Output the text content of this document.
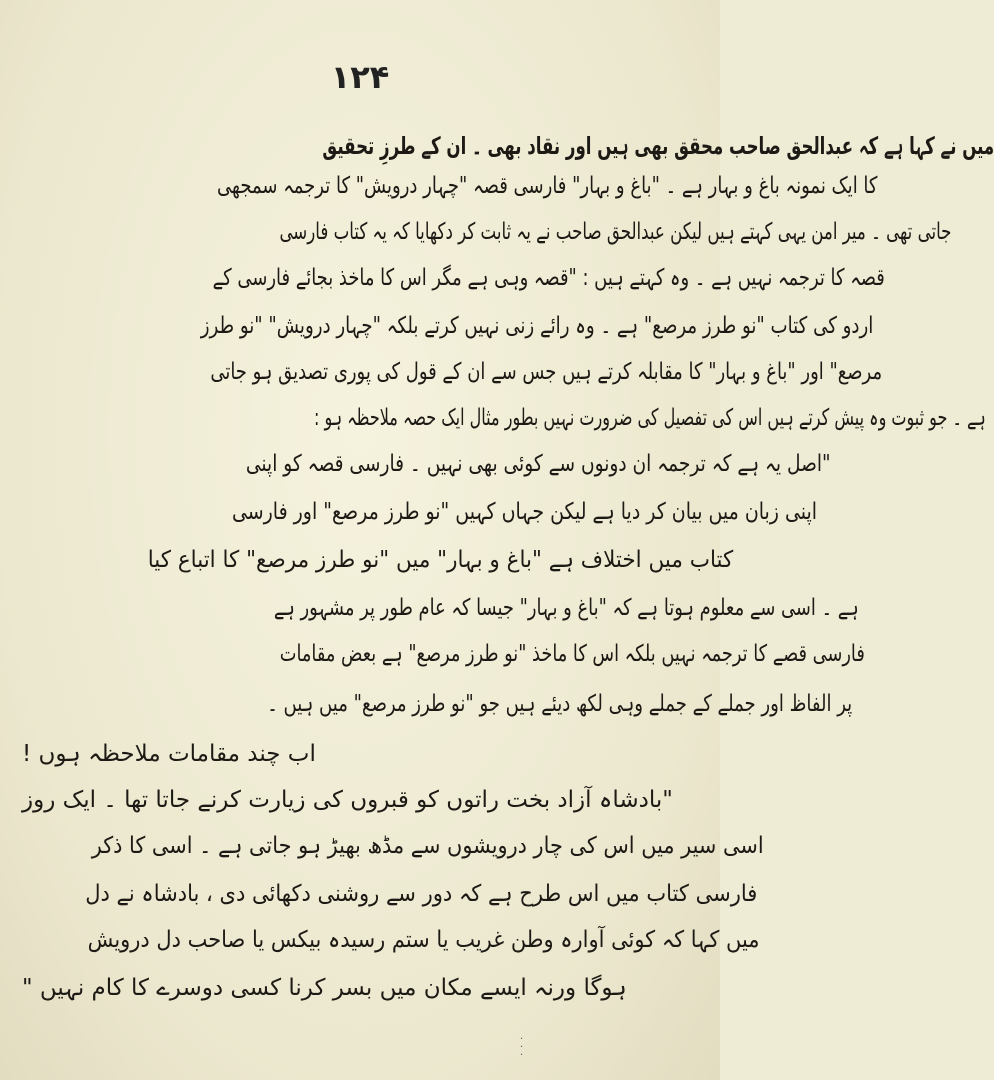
۱۲۴
میں نے کہا ہے کہ عبدالحق صاحب محقق بھی ہیں اور نقاد بھی ۔ ان کے طرزِ تحقیق
کا ایک نمونہ باغ و بہار ہے ۔ "باغ و بہار" فارسی قصہ "چہار درویش" کا ترجمہ سمجھی
جاتی تھی ۔ میر امن یہی کہتے ہیں لیکن عبدالحق صاحب نے یہ ثابت کر دکھایا کہ یہ کتاب فارسی
قصہ کا ترجمہ نہیں ہے ۔ وہ کہتے ہیں : "قصہ وہی ہے مگر اس کا ماخذ بجائے فارسی کے
اردو کی کتاب "نو طرز مرصع" ہے ۔ وہ رائے زنی نہیں کرتے بلکہ "چہار درویش" "نو طرز
مرصع" اور "باغ و بہار" کا مقابلہ کرتے ہیں جس سے ان کے قول کی پوری تصدیق ہو جاتی
ہے ۔ جو ثبوت وہ پیش کرتے ہیں اس کی تفصیل کی ضرورت نہیں بطور مثال ایک حصہ ملاحظہ ہو :
"اصل یہ ہے کہ ترجمہ ان دونوں سے کوئی بھی نہیں ۔ فارسی قصہ کو اپنی
اپنی زبان میں بیان کر دیا ہے لیکن جہاں کہیں "نو طرز مرصع" اور فارسی
کتاب میں اختلاف ہے "باغ و بہار" میں "نو طرز مرصع" کا اتباع کیا
ہے ۔ اسی سے معلوم ہوتا ہے کہ "باغ و بہار" جیسا کہ عام طور پر مشہور ہے
فارسی قصے کا ترجمہ نہیں بلکہ اس کا ماخذ "نو طرز مرصع" ہے بعض مقامات
پر الفاظ اور جملے کے جملے وہی لکھ دیئے ہیں جو "نو طرز مرصع" میں ہیں ۔
اب چند مقامات ملاحظہ ہوں !
"بادشاہ آزاد بخت راتوں کو قبروں کی زیارت کرنے جاتا تھا ۔ ایک روز
اسی سیر میں اس کی چار درویشوں سے مڈھ بھیڑ ہو جاتی ہے ۔ اسی کا ذکر
فارسی کتاب میں اس طرح ہے کہ دور سے روشنی دکھائی دی ، بادشاہ نے دل
میں کہا کہ کوئی آوارہ وطن غریب یا ستم رسیدہ بیکس یا صاحب دل درویش
ہوگا ورنہ ایسے مکان میں بسر کرنا کسی دوسرے کا کام نہیں "
·
·
·
